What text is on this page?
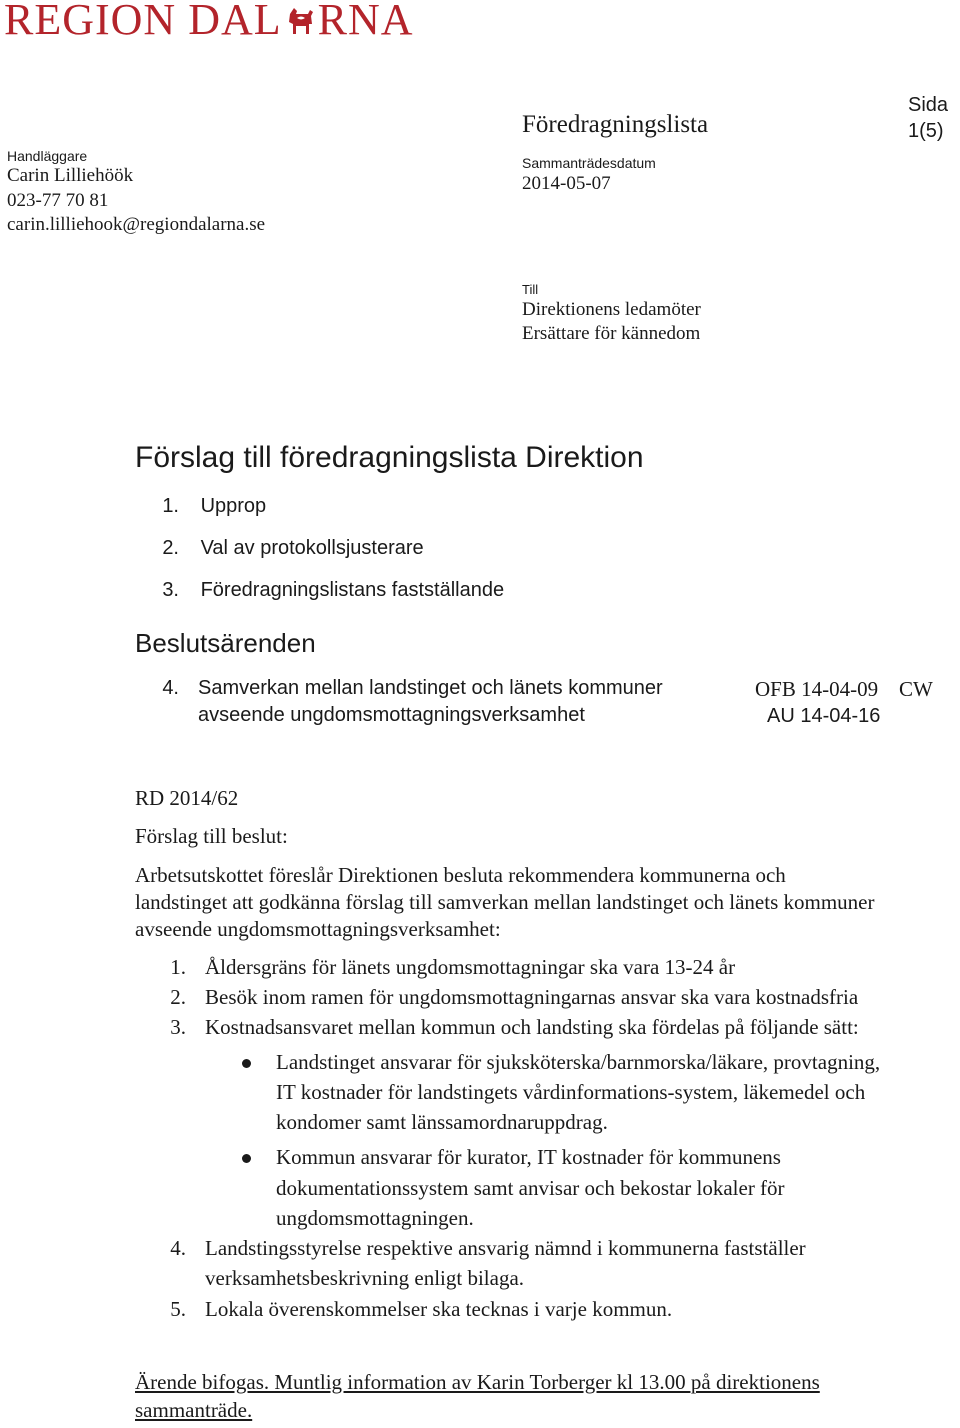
REGION DAL RNA
Handläggare
Carin Lilliehöök
023-77 70 81
carin.lilliehook@regiondalarna.se
Föredragningslista
Sammanträdesdatum
2014-05-07
Sida
1(5)
Till
Direktionens ledamöter
Ersättare för kännedom
Förslag till föredragningslista Direktion
1. Upprop
2. Val av protokollsjusterare
3. Föredragningslistans fastställande
Beslutsärenden
4. Samverkan mellan landstinget och länets kommuner
avseende ungdomsmottagningsverksamhet
OFB 14-04-09 CW
AU 14-04-16
RD 2014/62
Förslag till beslut:
Arbetsutskottet föreslår Direktionen besluta rekommendera kommunerna och
landstinget att godkänna förslag till samverkan mellan landstinget och länets kommuner
avseende ungdomsmottagningsverksamhet:
1. Åldersgräns för länets ungdomsmottagningar ska vara 13-24 år
2. Besök inom ramen för ungdomsmottagningarnas ansvar ska vara kostnadsfria
3. Kostnadsansvaret mellan kommun och landsting ska fördelas på följande sätt:
Landstinget ansvarar för sjuksköterska/barnmorska/läkare, provtagning,
IT kostnader för landstingets vårdinformations-system, läkemedel och
kondomer samt länssamordnaruppdrag.
Kommun ansvarar för kurator, IT kostnader för kommunens
dokumentationssystem samt anvisar och bekostar lokaler för
ungdomsmottagningen.
4. Landstingsstyrelse respektive ansvarig nämnd i kommunerna fastställer
verksamhetsbeskrivning enligt bilaga.
5. Lokala överenskommelser ska tecknas i varje kommun.
Ärende bifogas. Muntlig information av Karin Torberger kl 13.00 på direktionens
sammanträde.
